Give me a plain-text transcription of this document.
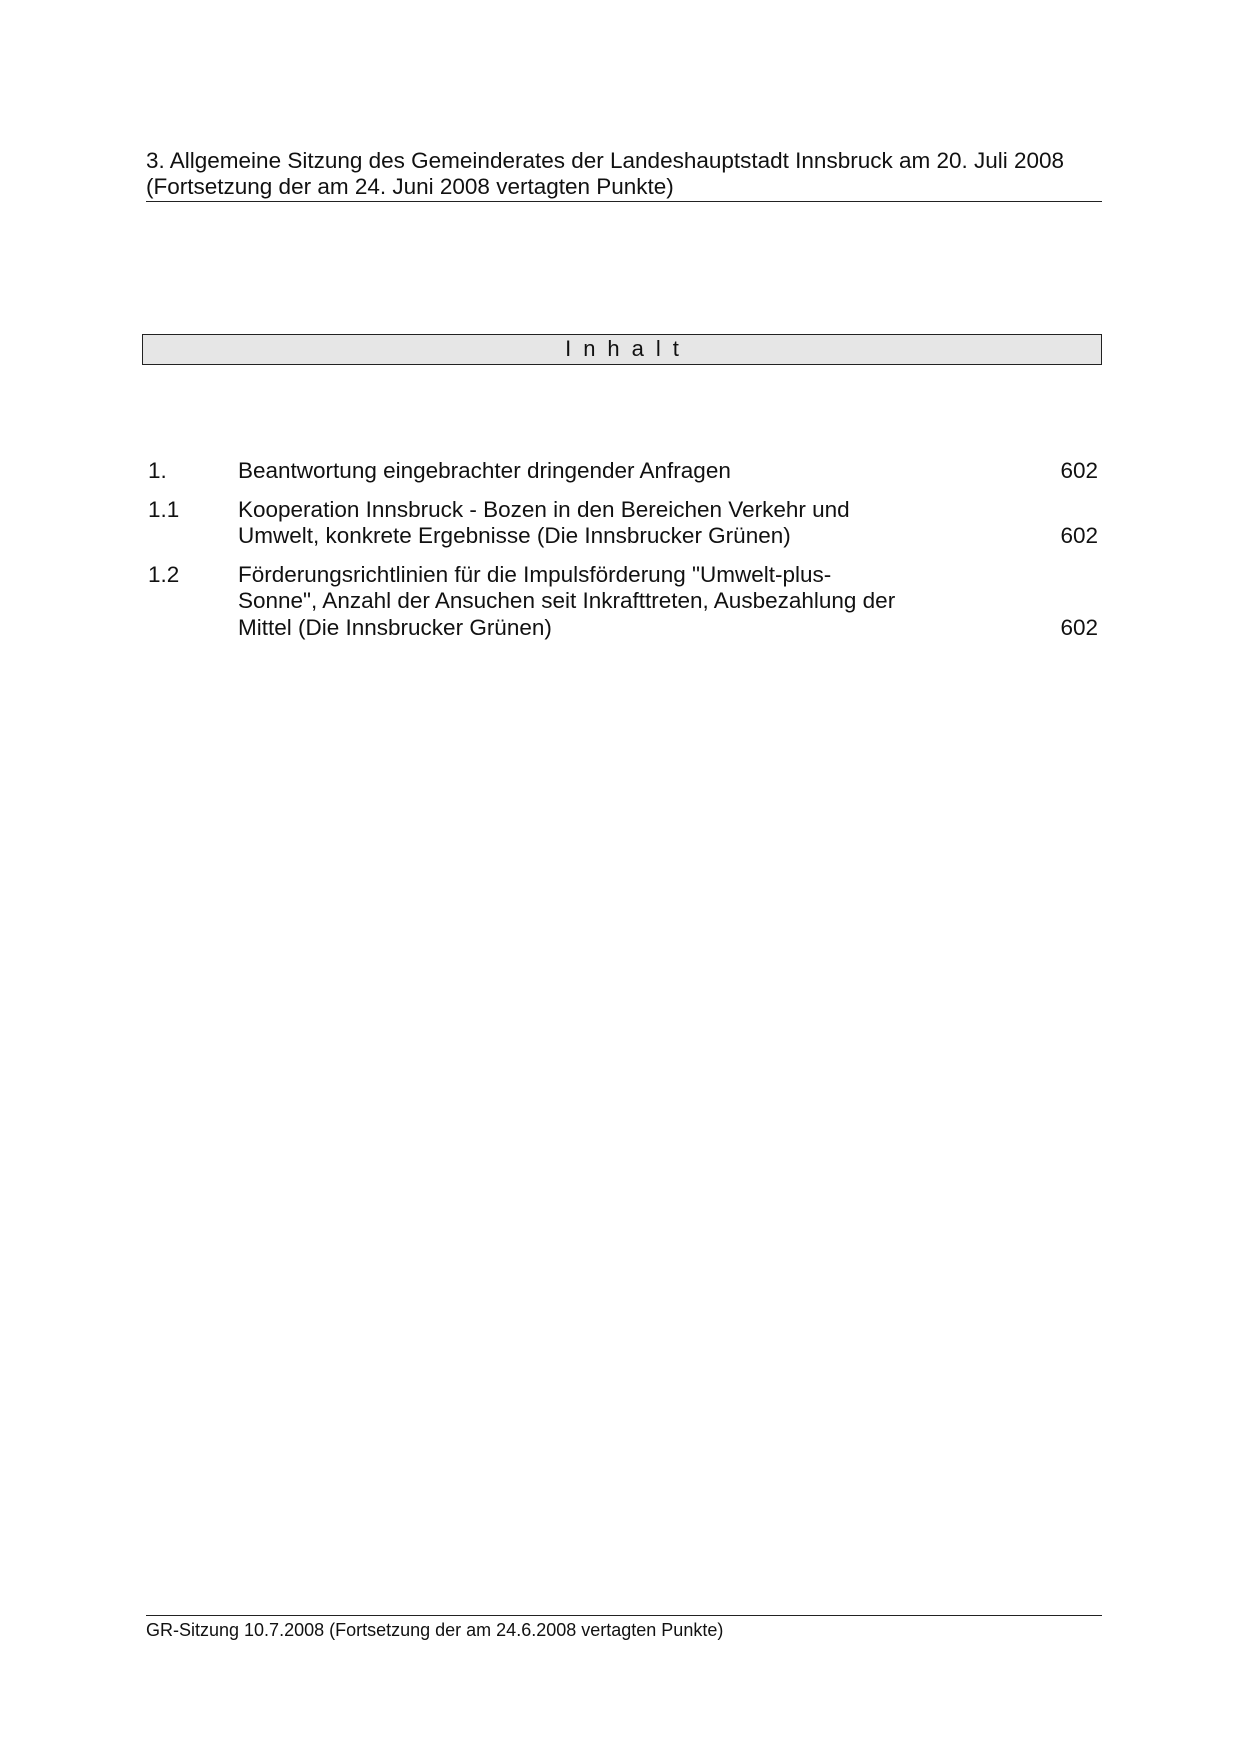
3. Allgemeine Sitzung des Gemeinderates der Landeshauptstadt Innsbruck am 20. Juli 2008
(Fortsetzung der am 24. Juni 2008 vertagten Punkte)
Inhalt
1.	Beantwortung eingebrachter dringender Anfragen	602
1.1	Kooperation Innsbruck - Bozen in den Bereichen Verkehr und
Umwelt, konkrete Ergebnisse (Die Innsbrucker Grünen)	602
1.2	Förderungsrichtlinien für die Impulsförderung "Umwelt-plus-
Sonne", Anzahl der Ansuchen seit Inkrafttreten, Ausbezahlung der
Mittel (Die Innsbrucker Grünen)	602
GR-Sitzung 10.7.2008 (Fortsetzung der am 24.6.2008 vertagten Punkte)
